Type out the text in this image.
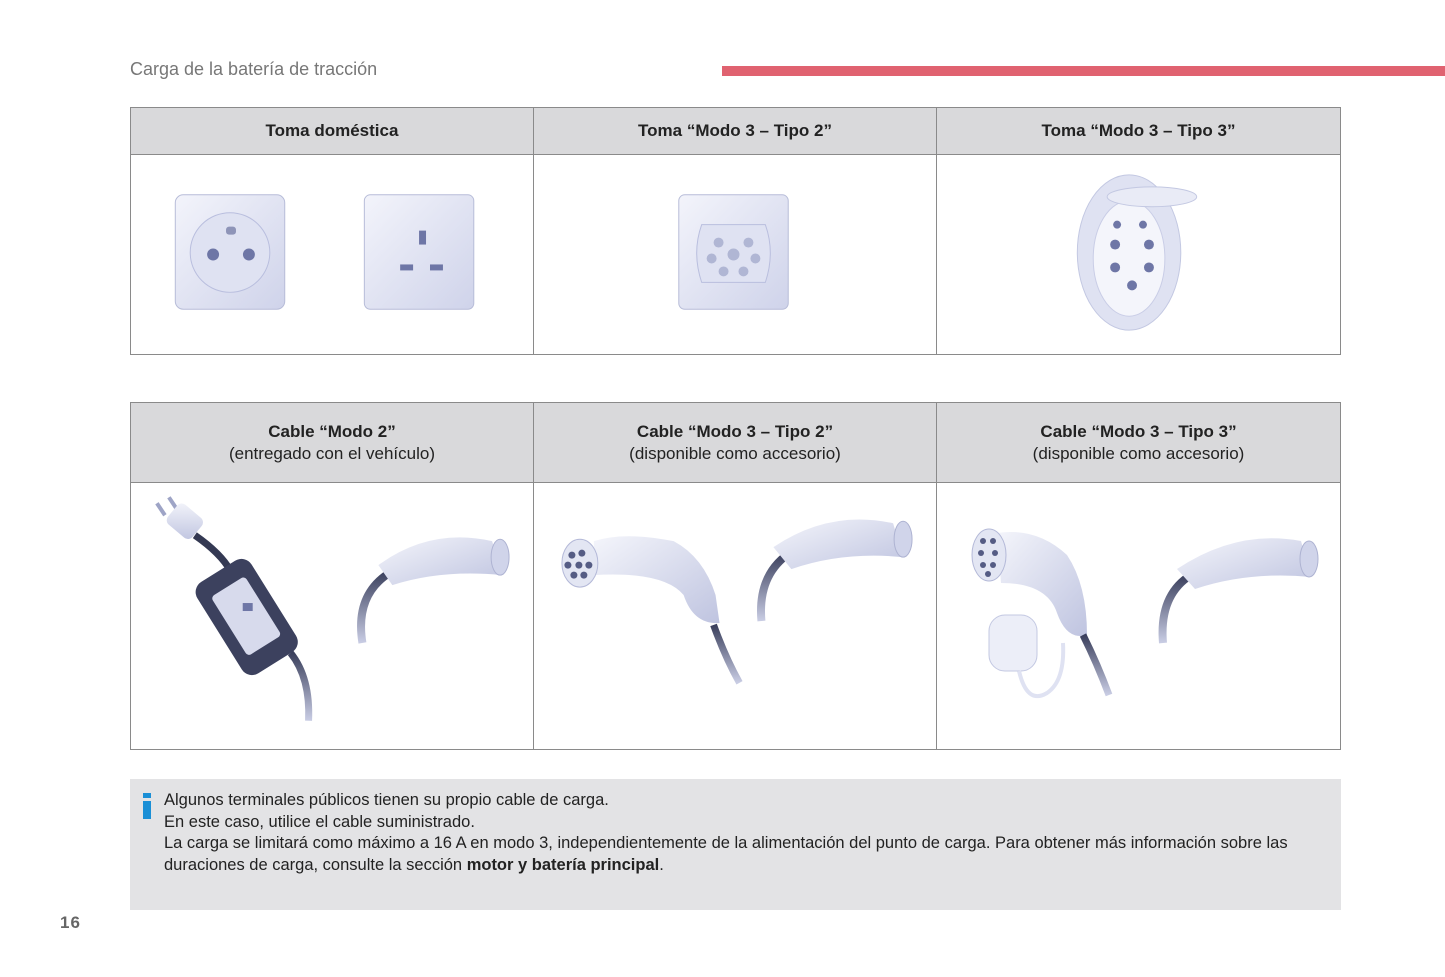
Carga de la batería de tracción
Toma doméstica	Toma “Modo 3 – Tipo 2”	Toma “Modo 3 – Tipo 3”
Cable “Modo 2”
(entregado con el vehículo)
Cable “Modo 3 – Tipo 2”
(disponible como accesorio)
Cable “Modo 3 – Tipo 3”
(disponible como accesorio)

Algunos terminales públicos tienen su propio cable de carga.

En este caso, utilice el cable suministrado.

La carga se limitará como máximo a 16 A en modo 3, independientemente de la alimentación del punto de carga. Para obtener más información sobre las duraciones de carga, consulte la sección motor y batería principal.

16
